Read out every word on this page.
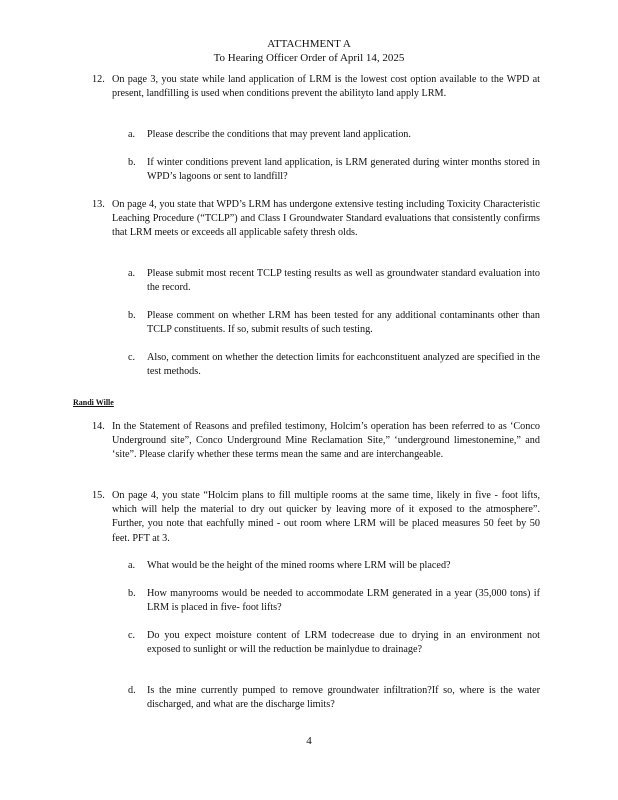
ATTACHMENT A
To Hearing Officer Order of April 14, 2025
12. On page 3, you state while land application of LRM is the lowest cost option available to the WPD at present, landfilling is used when conditions prevent the abilityto land apply LRM.
a. Please describe the conditions that may prevent land application.
b. If winter conditions prevent land application, is LRM generated during winter months stored in WPD’s lagoons or sent to landfill?
13. On page 4, you state that WPD’s LRM has undergone extensive testing including Toxicity Characteristic Leaching Procedure (“TCLP”) and Class I Groundwater Standard evaluations that consistently confirms that LRM meets or exceeds all applicable safety thresh olds.
a. Please submit most recent TCLP testing results as well as groundwater standard evaluation into the record.
b. Please comment on whether LRM has been tested for any additional contaminants other than TCLP constituents. If so, submit results of such testing.
c. Also, comment on whether the detection limits for eachconstituent analyzed are specified in the test methods.
Randi Wille
14. In the Statement of Reasons and prefiled testimony, Holcim’s operation has been referred to as ‘Conco Underground site”, Conco Underground Mine Reclamation Site,” ‘underground limestonemine,” and ‘site”. Please clarify whether these terms mean the same and are interchangeable.
15. On page 4, you state “Holcim plans to fill multiple rooms at the same time, likely in five - foot lifts, which will help the material to dry out quicker by leaving more of it exposed to the atmosphere”. Further, you note that eachfully mined - out room where LRM will be placed measures 50 feet by 50 feet. PFT at 3.
a. What would be the height of the mined rooms where LRM will be placed?
b. How manyrooms would be needed to accommodate LRM generated in a year (35,000 tons) if LRM is placed in five- foot lifts?
c. Do you expect moisture content of LRM todecrease due to drying in an environment not exposed to sunlight or will the reduction be mainlydue to drainage?
d. Is the mine currently pumped to remove groundwater infiltration?If so, where is the water discharged, and what are the discharge limits?
4
